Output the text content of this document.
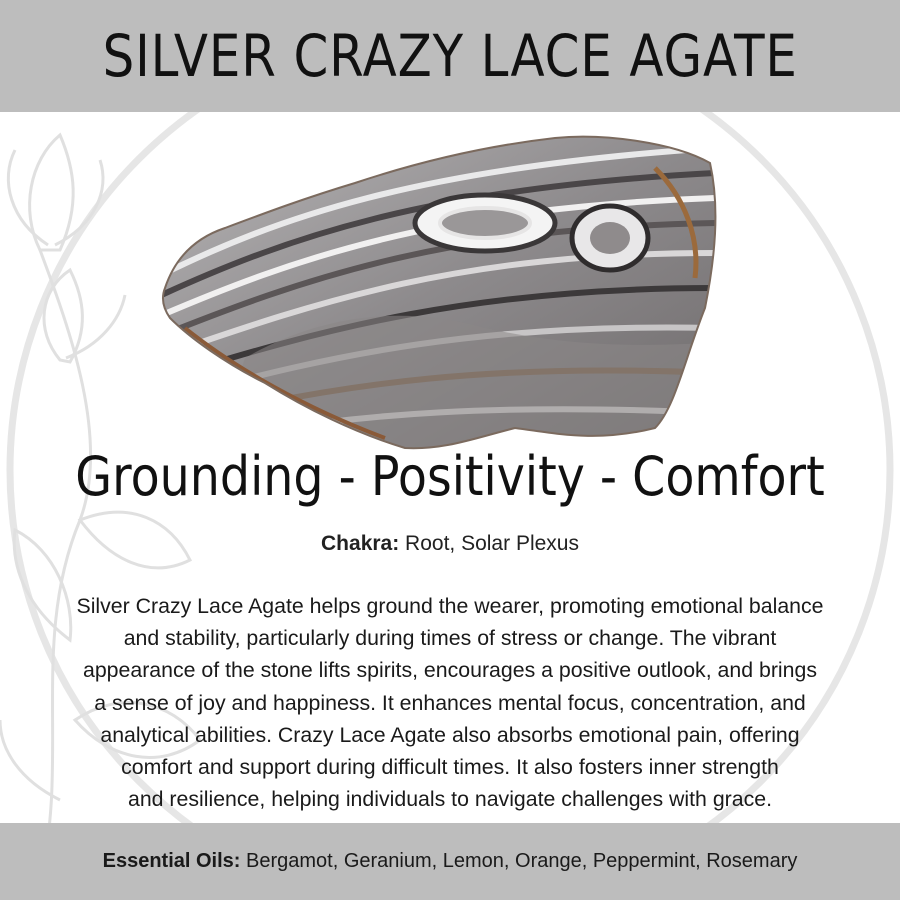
SILVER CRAZY LACE AGATE
Grounding - Positivity - Comfort
Chakra: Root, Solar Plexus
Silver Crazy Lace Agate helps ground the wearer, promoting emotional balance
and stability, particularly during times of stress or change. The vibrant
appearance of the stone lifts spirits, encourages a positive outlook, and brings
a sense of joy and happiness. It enhances mental focus, concentration, and
analytical abilities. Crazy Lace Agate also absorbs emotional pain, offering
comfort and support during difficult times. It also fosters inner strength
and resilience, helping individuals to navigate challenges with grace.
Essential Oils: Bergamot, Geranium, Lemon, Orange, Peppermint, Rosemary
